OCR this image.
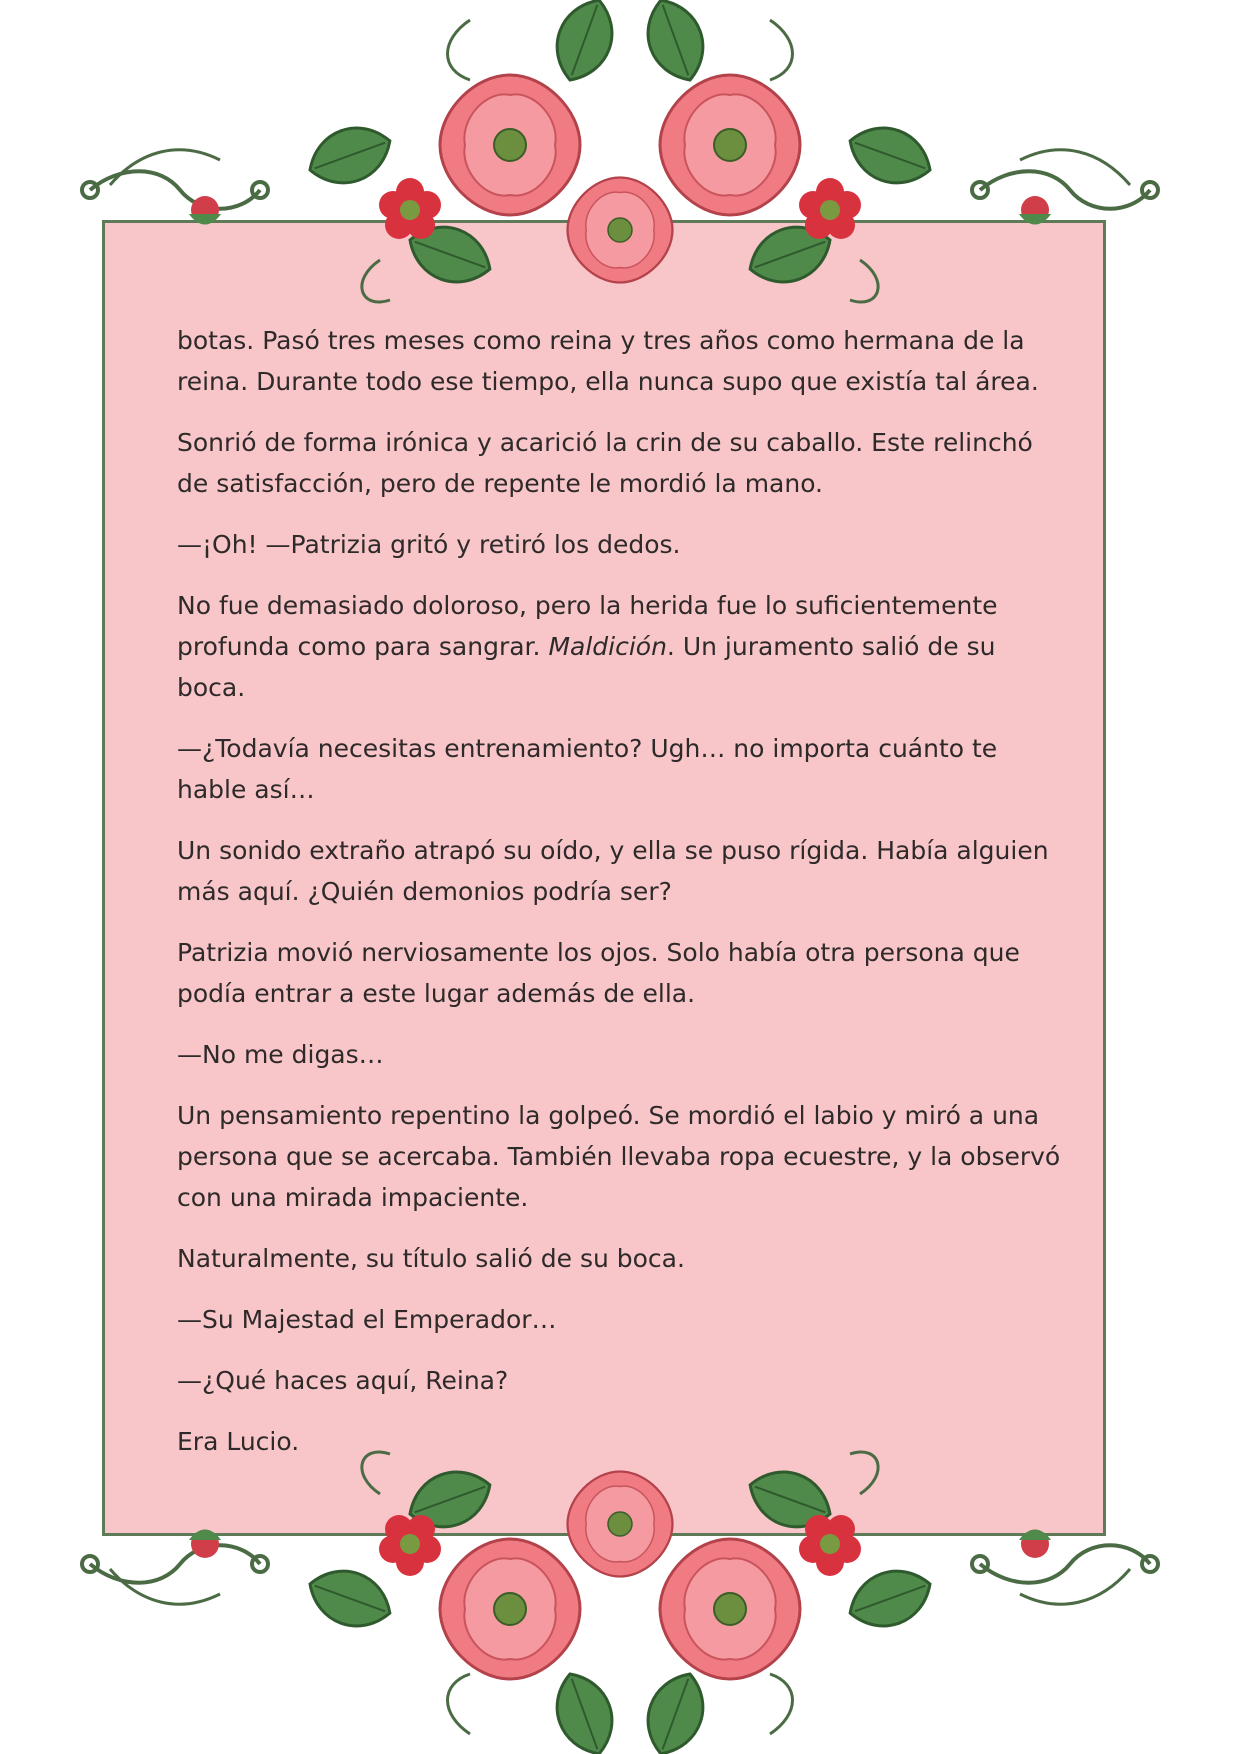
botas. Pasó tres meses como reina y tres años como hermana de la reina. Durante todo ese tiempo, ella nunca supo que existía tal área.

Sonrió de forma irónica y acarició la crin de su caballo. Este relinchó de satisfacción, pero de repente le mordió la mano.

—¡Oh! —Patrizia gritó y retiró los dedos.

No fue demasiado doloroso, pero la herida fue lo suficientemente profunda como para sangrar. Maldición. Un juramento salió de su boca.

—¿Todavía necesitas entrenamiento? Ugh… no importa cuánto te hable así…

Un sonido extraño atrapó su oído, y ella se puso rígida. Había alguien más aquí. ¿Quién demonios podría ser?

Patrizia movió nerviosamente los ojos. Solo había otra persona que podía entrar a este lugar además de ella.

—No me digas…

Un pensamiento repentino la golpeó. Se mordió el labio y miró a una persona que se acercaba. También llevaba ropa ecuestre, y la observó con una mirada impaciente.

Naturalmente, su título salió de su boca.

—Su Majestad el Emperador…

—¿Qué haces aquí, Reina?

Era Lucio.
